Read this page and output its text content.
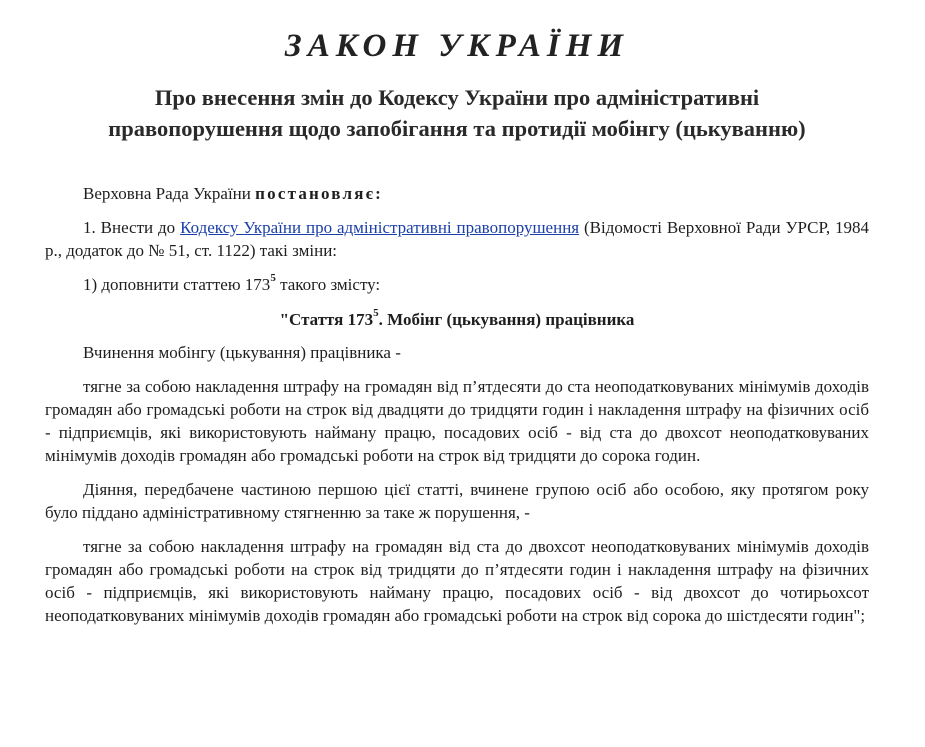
ЗАКОН УКРАЇНИ
Про внесення змін до Кодексу України про адміністративні правопорушення щодо запобігання та протидії мобінгу (цькуванню)

Верховна Рада України постановляє:

1. Внести до Кодексу України про адміністративні правопорушення (Відомості Верховної Ради УРСР, 1984 р., додаток до № 51, ст. 1122) такі зміни:

1) доповнити статтею $173^5$ такого змісту:

"Стаття $173^5$. Мобінг (цькування) працівника

Вчинення мобінгу (цькування) працівника -

тягне за собою накладення штрафу на громадян від п’ятдесяти до ста неоподатковуваних мінімумів доходів громадян або громадські роботи на строк від двадцяти до тридцяти годин і накладення штрафу на фізичних осіб - підприємців, які використовують найману працю, посадових осіб - від ста до двохсот неоподатковуваних мінімумів доходів громадян або громадські роботи на строк від тридцяти до сорока годин.

Діяння, передбачене частиною першою цієї статті, вчинене групою осіб або особою, яку протягом року було піддано адміністративному стягненню за таке ж порушення, -

тягне за собою накладення штрафу на громадян від ста до двохсот неоподатковуваних мінімумів доходів громадян або громадські роботи на строк від тридцяти до п’ятдесяти годин і накладення штрафу на фізичних осіб - підприємців, які використовують найману працю, посадових осіб - від двохсот до чотирьохсот неоподатковуваних мінімумів доходів громадян або громадські роботи на строк від сорока до шістдесяти годин";
